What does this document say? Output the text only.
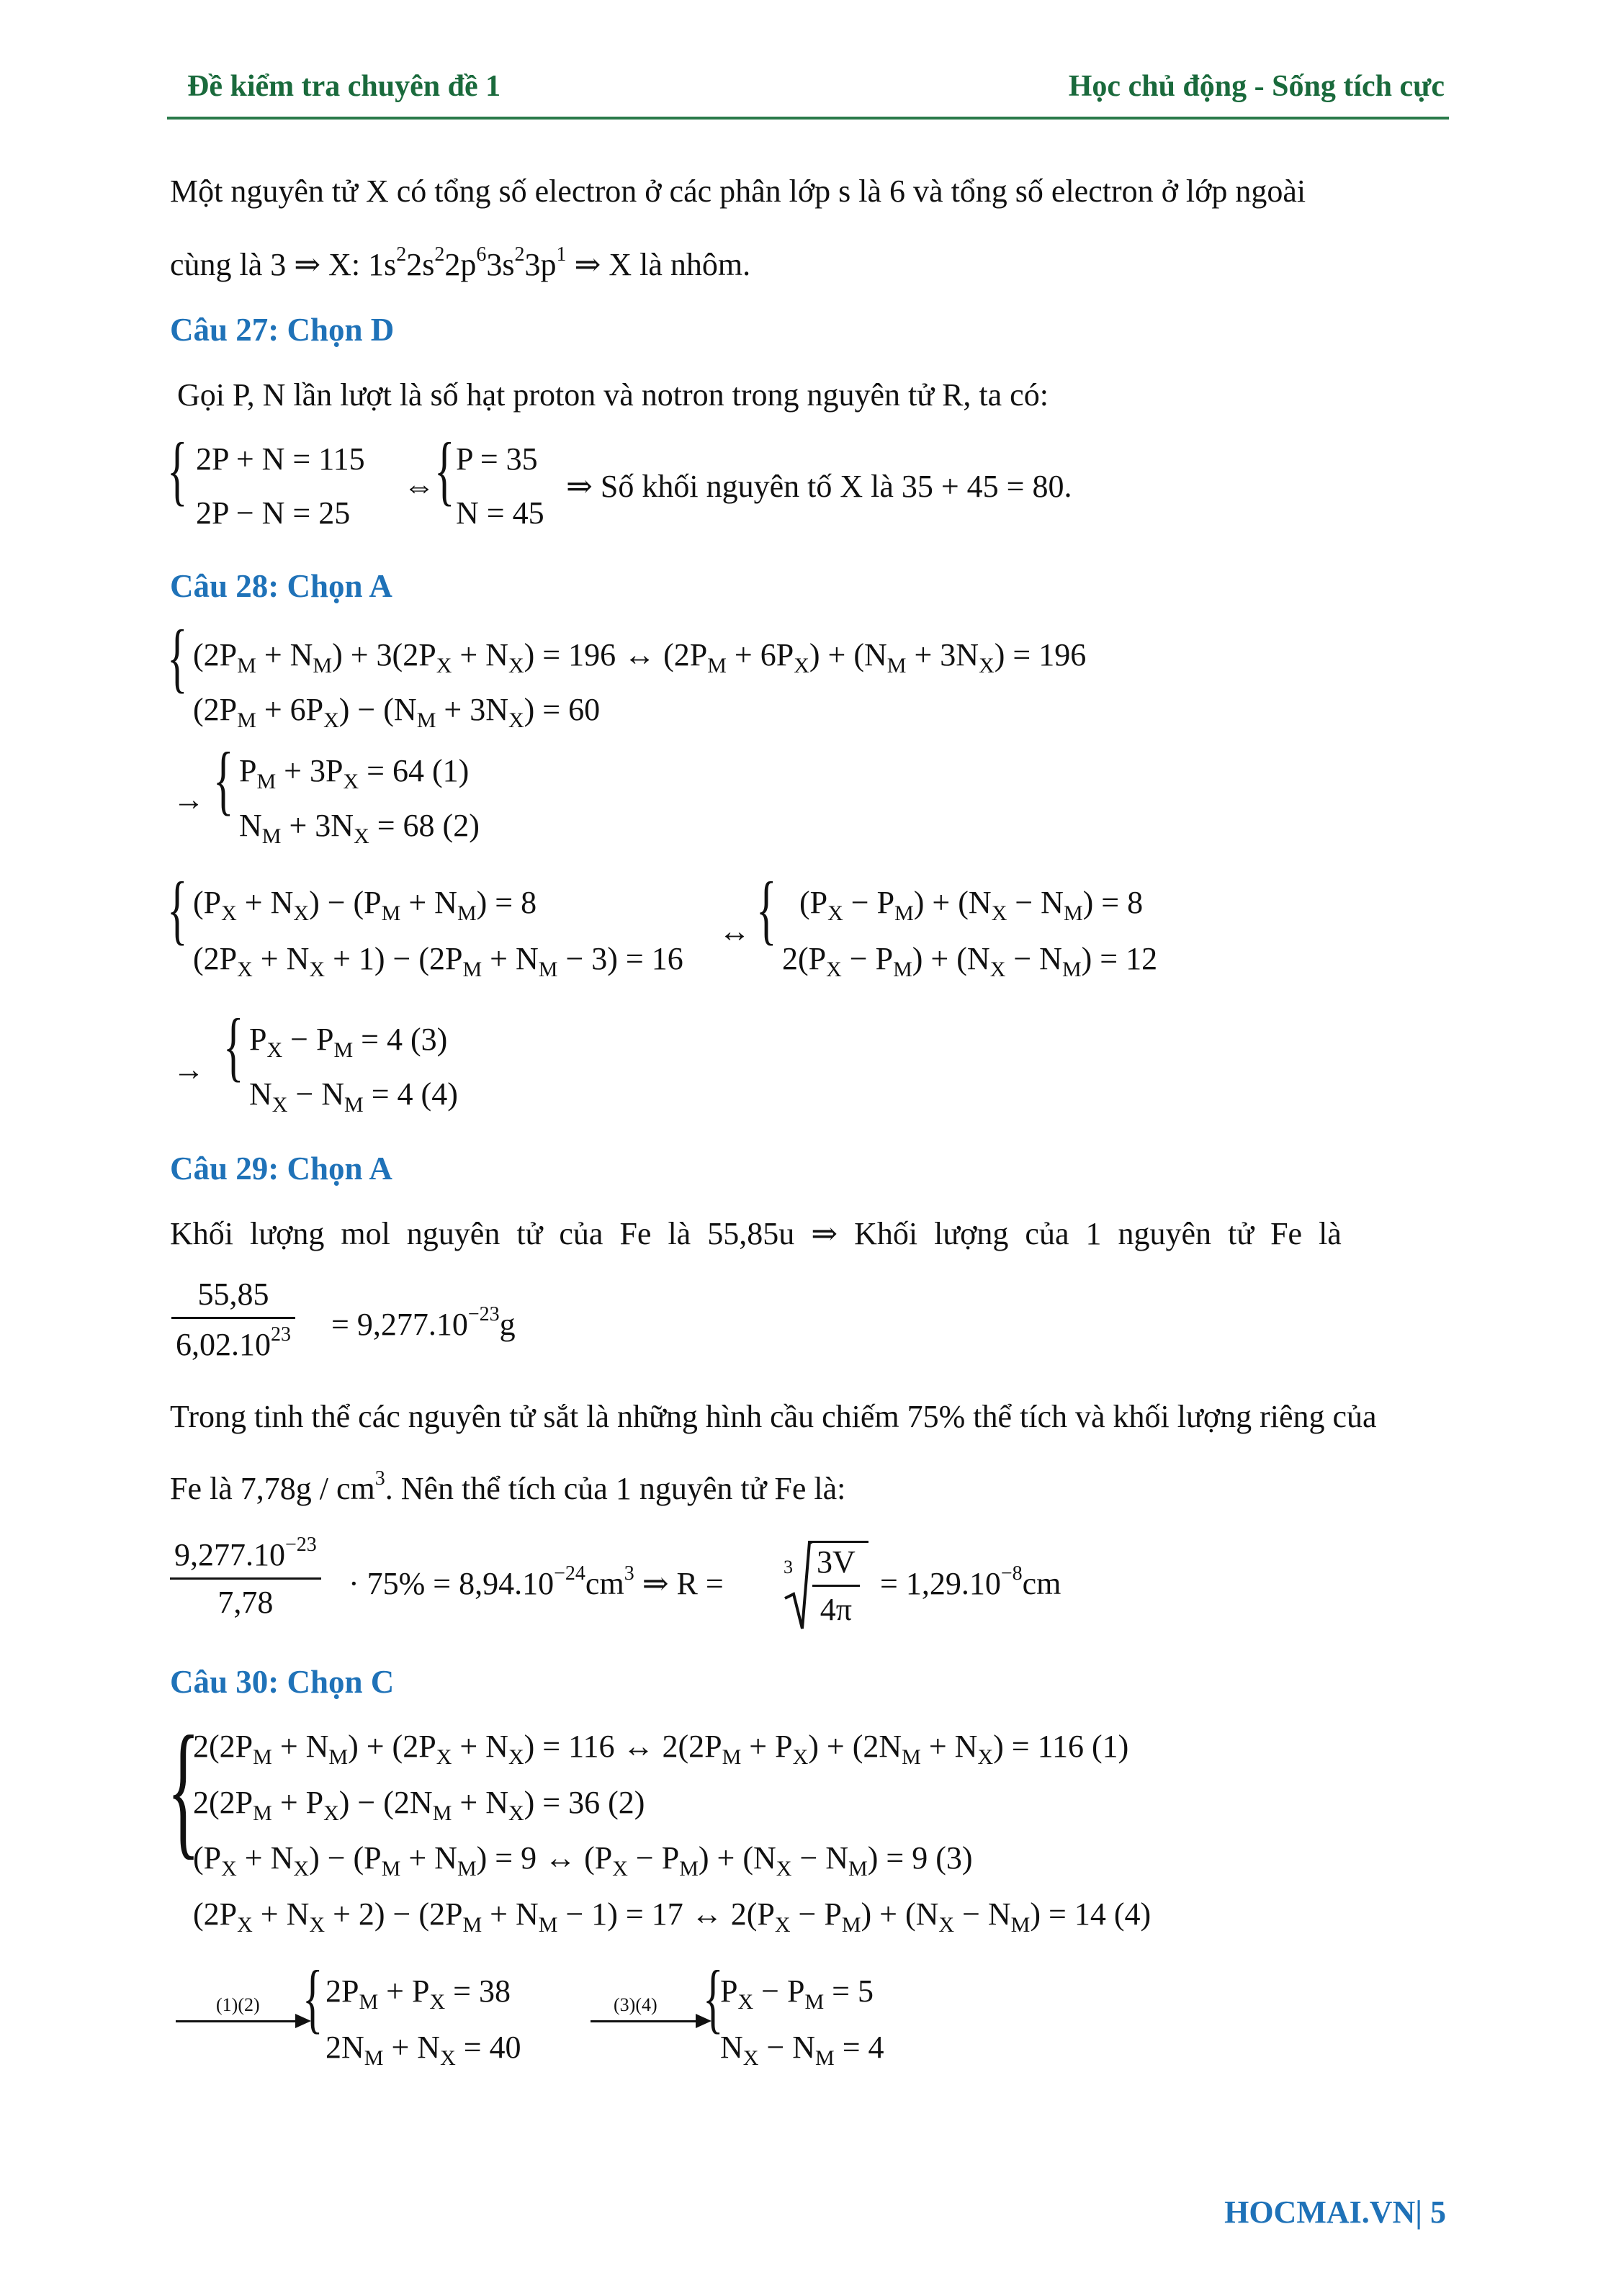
Đề kiểm tra chuyên đề 1	Học chủ động - Sống tích cực
Một nguyên tử X có tổng số electron ở các phân lớp s là 6 và tổng số electron ở lớp ngoài
cùng là 3 ⇒ X: $1s^22s^22p^63s^23p^1$ ⇒ X là nhôm.
Câu 27: Chọn D
Gọi P, N lần lượt là số hạt proton và notron trong nguyên tử R, ta có:
{ 2P + N = 115
2P − N = 25
⇔ { P = 35
N = 45
⇒ Số khối nguyên tố X là 35 + 45 = 80.
Câu 28: Chọn A
{ $(2P_M + N_M) + 3(2P_X + N_X) = 196$ ↔ $(2P_M + 6P_X) + (N_M + 3N_X) = 196$
$(2P_M + 6P_X) - (N_M + 3N_X) = 60$
→ { $P_M + 3P_X = 64$ (1)
$N_M + 3N_X = 68$ (2)
{ $(P_X + N_X) - (P_M + N_M) = 8$
$(2P_X + N_X + 1) - (2P_M + N_M - 3) = 16$
↔ { $(P_X - P_M) + (N_X - N_M) = 8$
$2(P_X - P_M) + (N_X - N_M) = 12$
→ { $P_X - P_M = 4$ (3)
$N_X - N_M = 4$ (4)
Câu 29: Chọn A
Khối lượng mol nguyên tử của Fe là 55,85u ⇒ Khối lượng của 1 nguyên tử Fe là
55,85
$6,02.10^{23} = 9,277.10^{-23}g$
Trong tinh thể các nguyên tử sắt là những hình cầu chiếm 75% thể tích và khối lượng riêng của
Fe là $7,78g / cm^3$. Nên thể tích của 1 nguyên tử Fe là:
$9,277.10^{-23}$
7,78
· $75\% = 8,94.10^{-24}cm^3$ ⇒ R =	3 3V
4π
= $1,29.10^{-8}cm$
Câu 30: Chọn C
{
$2(2P_M + N_M) + (2P_X + N_X) = 116$ ↔ $2(2P_M + P_X) + (2N_M + N_X) = 116$ (1)
$2(2P_M + P_X) - (2N_M + N_X) = 36$ (2)
$(P_X + N_X) - (P_M + N_M) = 9$ ↔ $(P_X - P_M) + (N_X - N_M) = 9$ (3)
$(2P_X + N_X + 2) - (2P_M + N_M - 1) = 17$ ↔ $2(P_X - P_M) + (N_X - N_M) = 14$ (4)
(1)(2) { $2P_M + P_X = 38$
$2N_M + N_X = 40$
(3)(4) {
$P_X - P_M = 5$
$N_X - N_M = 4$
HOCMAI.VN| 5
